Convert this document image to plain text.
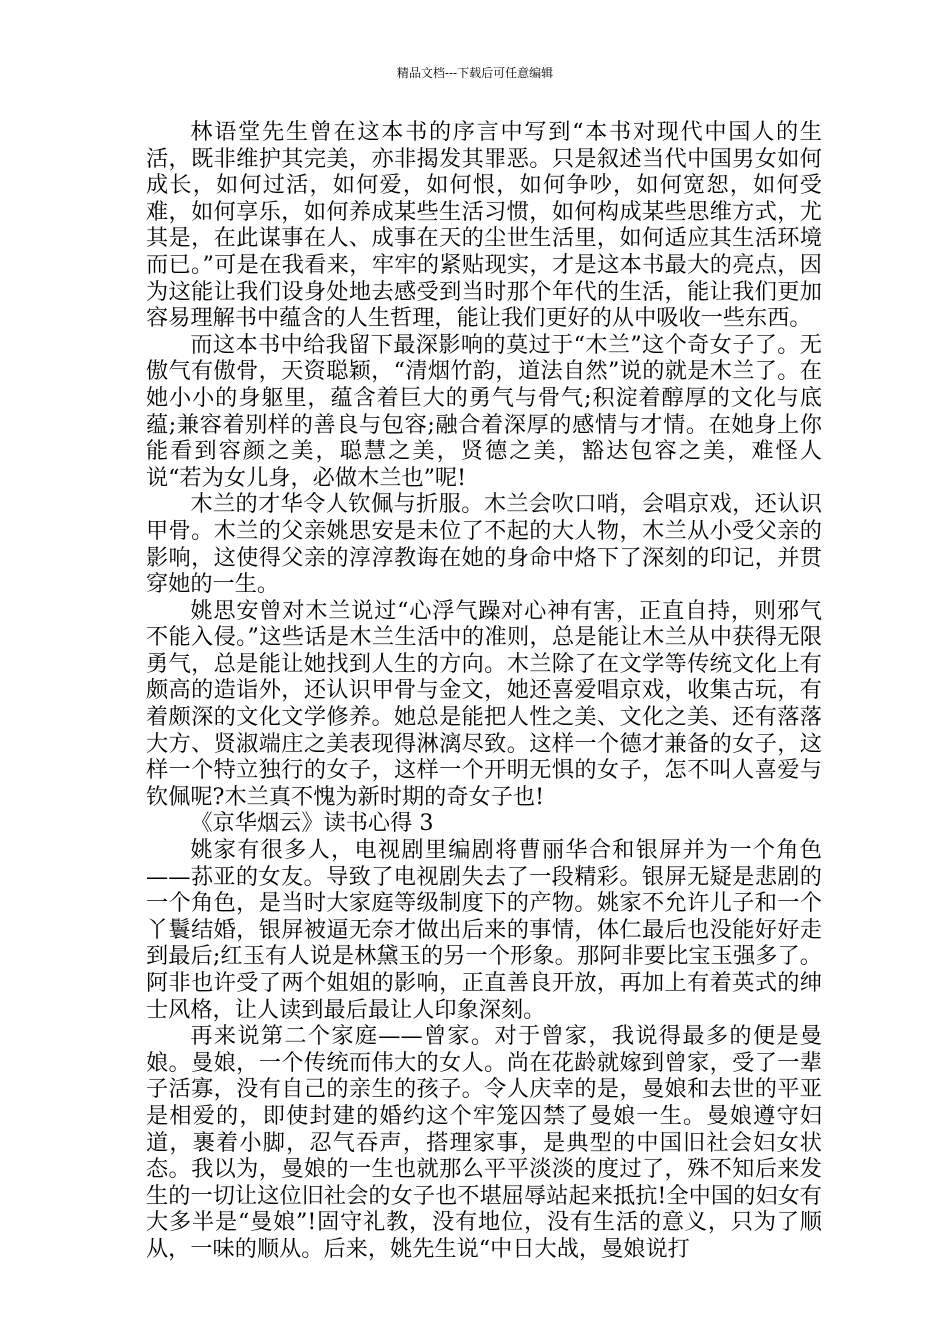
精品文档---下载后可任意编辑

林语堂先生曾在这本书的序言中写到“本书对现代中国人的生活，既非维护其完美，亦非揭发其罪恶。只是叙述当代中国男女如何成长，如何过活，如何爱，如何恨，如何争吵，如何宽恕，如何受难，如何享乐，如何养成某些生活习惯，如何构成某些思维方式，尤其是，在此谋事在人、成事在天的尘世生活里，如何适应其生活环境而已。”可是在我看来，牢牢的紧贴现实，才是这本书最大的亮点，因为这能让我们设身处地去感受到当时那个年代的生活，能让我们更加容易理解书中蕴含的人生哲理，能让我们更好的从中吸收一些东西。

而这本书中给我留下最深影响的莫过于“木兰”这个奇女子了。无傲气有傲骨，天资聪颖，“清烟竹韵，道法自然”说的就是木兰了。在她小小的身躯里，蕴含着巨大的勇气与骨气;积淀着醇厚的文化与底蕴;兼容着别样的善良与包容;融合着深厚的感情与才情。在她身上你能看到容颜之美，聪慧之美，贤德之美，豁达包容之美，难怪人说“若为女儿身，必做木兰也”呢!

木兰的才华令人钦佩与折服。木兰会吹口哨，会唱京戏，还认识甲骨。木兰的父亲姚思安是未位了不起的大人物，木兰从小受父亲的影响，这使得父亲的淳淳教诲在她的身命中烙下了深刻的印记，并贯穿她的一生。

姚思安曾对木兰说过“心浮气躁对心神有害，正直自持，则邪气不能入侵。”这些话是木兰生活中的准则，总是能让木兰从中获得无限勇气，总是能让她找到人生的方向。木兰除了在文学等传统文化上有颇高的造诣外，还认识甲骨与金文，她还喜爱唱京戏，收集古玩，有着颇深的文化文学修养。她总是能把人性之美、文化之美、还有落落大方、贤淑端庄之美表现得淋漓尽致。这样一个德才兼备的女子，这样一个特立独行的女子，这样一个开明无惧的女子，怎不叫人喜爱与钦佩呢?木兰真不愧为新时期的奇女子也!

《京华烟云》读书心得 3

姚家有很多人，电视剧里编剧将曹丽华合和银屏并为一个角色——荪亚的女友。导致了电视剧失去了一段精彩。银屏无疑是悲剧的一个角色，是当时大家庭等级制度下的产物。姚家不允许儿子和一个丫鬟结婚，银屏被逼无奈才做出后来的事情，体仁最后也没能好好走到最后;红玉有人说是林黛玉的另一个形象。那阿非要比宝玉强多了。阿非也许受了两个姐姐的影响，正直善良开放，再加上有着英式的绅士风格，让人读到最后最让人印象深刻。

再来说第二个家庭——曾家。对于曾家，我说得最多的便是曼娘。曼娘，一个传统而伟大的女人。尚在花龄就嫁到曾家，受了一辈子活寡，没有自己的亲生的孩子。令人庆幸的是，曼娘和去世的平亚是相爱的，即使封建的婚约这个牢笼囚禁了曼娘一生。曼娘遵守妇道，裹着小脚，忍气吞声，搭理家事，是典型的中国旧社会妇女状态。我以为，曼娘的一生也就那么平平淡淡的度过了，殊不知后来发生的一切让这位旧社会的女子也不堪屈辱站起来抵抗!全中国的妇女有大多半是“曼娘”!固守礼教，没有地位，没有生活的意义，只为了顺从，一味的顺从。后来，姚先生说“中日大战，曼娘说打
